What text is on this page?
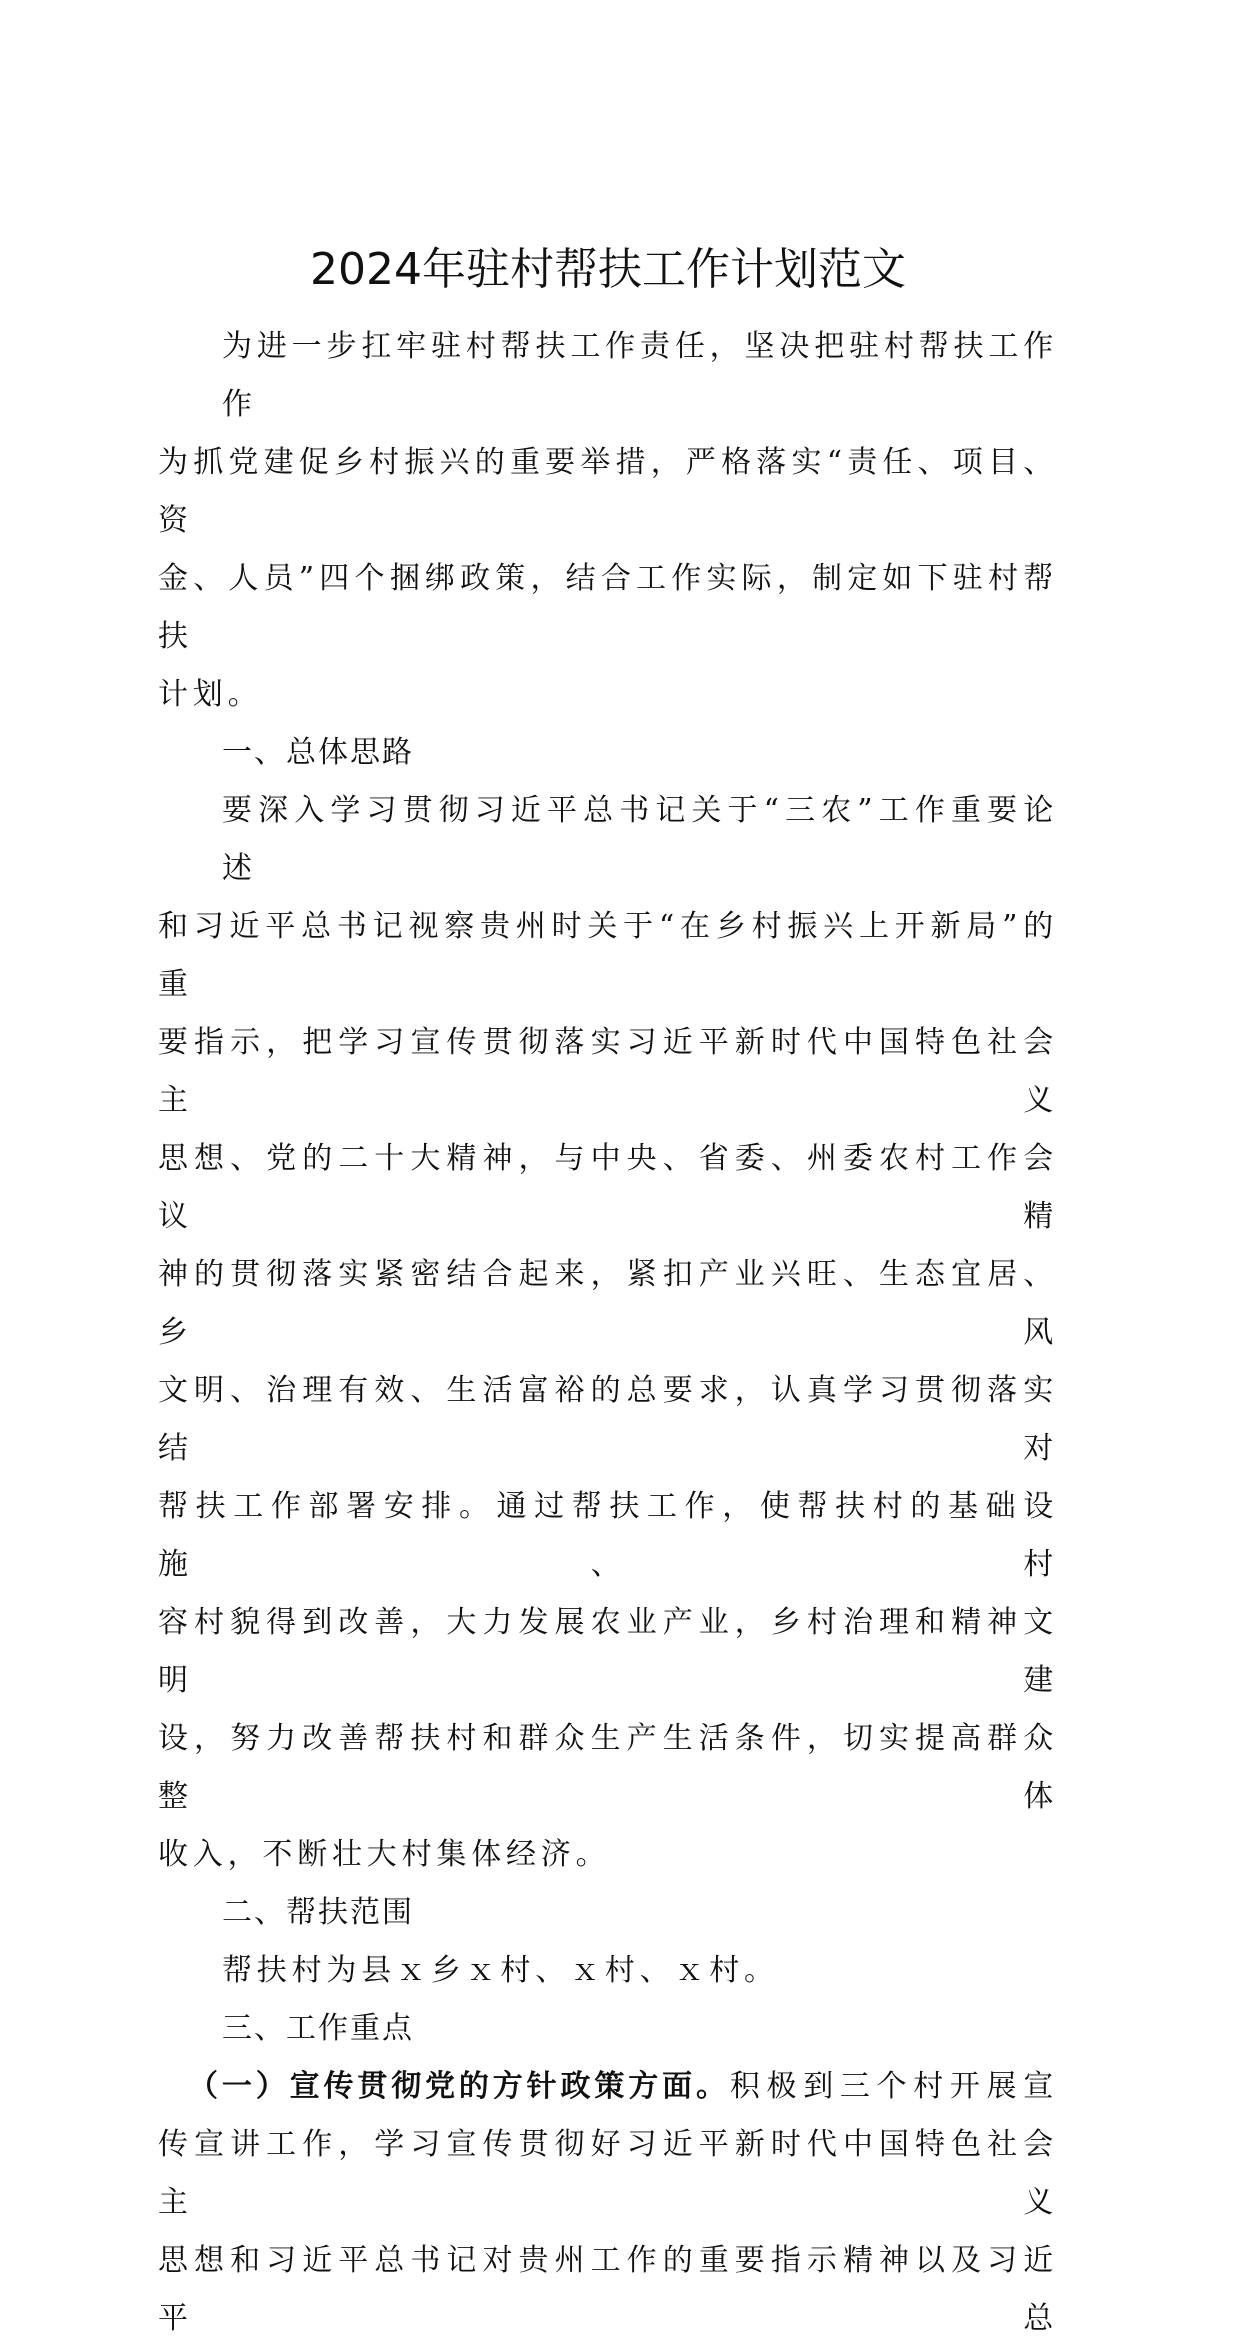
2024年驻村帮扶工作计划范文
为进一步扛牢驻村帮扶工作责任，坚决把驻村帮扶工作作
为抓党建促乡村振兴的重要举措，严格落实“责任、项目、资
金、人员”四个捆绑政策，结合工作实际，制定如下驻村帮扶
计划。
一、总体思路
要深入学习贯彻习近平总书记关于“三农”工作重要论述
和习近平总书记视察贵州时关于“在乡村振兴上开新局”的重
要指示，把学习宣传贯彻落实习近平新时代中国特色社会主义
思想、党的二十大精神，与中央、省委、州委农村工作会议精
神的贯彻落实紧密结合起来，紧扣产业兴旺、生态宜居、乡风
文明、治理有效、生活富裕的总要求，认真学习贯彻落实结对
帮扶工作部署安排。通过帮扶工作，使帮扶村的基础设施、村
容村貌得到改善，大力发展农业产业，乡村治理和精神文明建
设，努力改善帮扶村和群众生产生活条件，切实提高群众整体
收入，不断壮大村集体经济。
二、帮扶范围

帮扶村为县ｘ乡ｘ村、ｘ村、ｘ村。

三、工作重点
（一）宣传贯彻党的方针政策方面。积极到三个村开展宣
传宣讲工作，学习宣传贯彻好习近平新时代中国特色社会主义
思想和习近平总书记对贵州工作的重要指示精神以及习近平总
